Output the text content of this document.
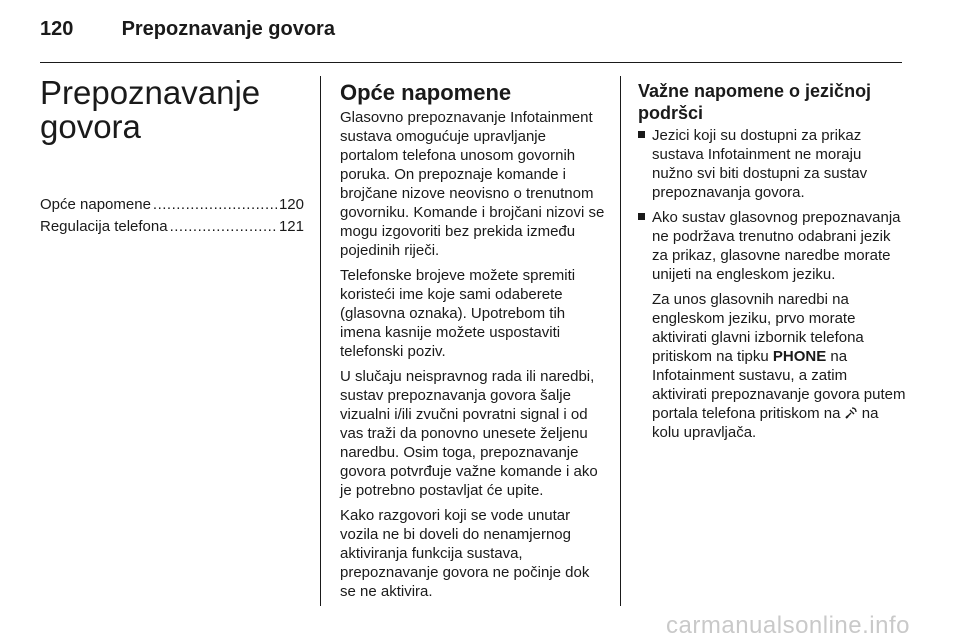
120 Prepoznavanje govora
Prepoznavanje govora
Opće napomene .....	120
Regulacija telefona .....	121
Opće napomene

Glasovno prepoznavanje Infotainment sustava omogućuje upravljanje portalom telefona unosom govornih poruka. On prepoznaje komande i brojčane nizove neovisno o trenutnom govorniku. Komande i brojčani nizovi se mogu izgovoriti bez prekida između pojedinih riječi.

Telefonske brojeve možete spremiti koristeći ime koje sami odaberete (glasovna oznaka). Upotrebom tih imena kasnije možete uspostaviti telefonski poziv.

U slučaju neispravnog rada ili naredbi, sustav prepoznavanja govora šalje vizualni i/ili zvučni povratni signal i od vas traži da ponovno unesete željenu naredbu. Osim toga, prepoznavanje govora potvrđuje važne komande i ako je potrebno postavljat će upite.

Kako razgovori koji se vode unutar vozila ne bi doveli do nenamjernog aktiviranja funkcija sustava, prepoznavanje govora ne počinje dok se ne aktivira.

Važne napomene o jezičnoj podršci

Jezici koji su dostupni za prikaz sustava Infotainment ne moraju nužno svi biti dostupni za sustav prepoznavanja govora.

Ako sustav glasovnog prepoznavanja ne podržava trenutno odabrani jezik za prikaz, glasovne naredbe morate unijeti na engleskom jeziku.

Za unos glasovnih naredbi na engleskom jeziku, prvo morate aktivirati glavni izbornik telefona pritiskom na tipku PHONE na Infotainment sustavu, a zatim aktivirati prepoznavanje govora putem portala telefona pritiskom na na kolu upravljača.

carmanualsonline.info
